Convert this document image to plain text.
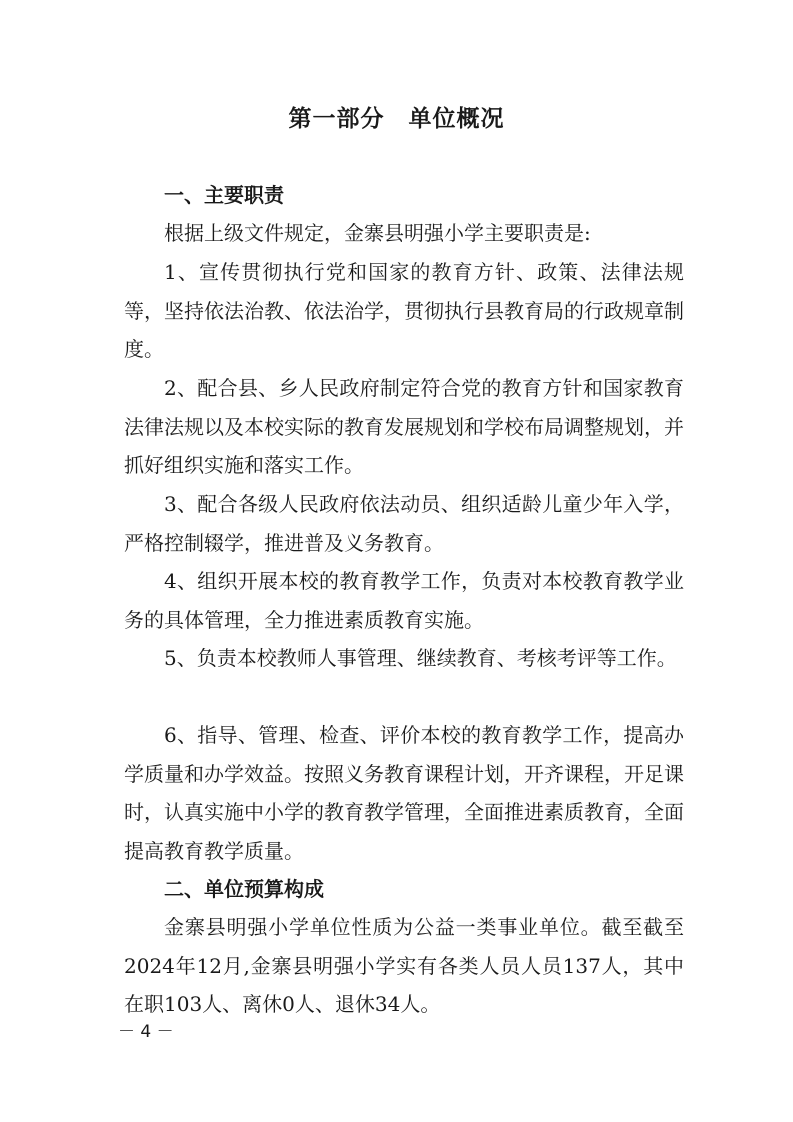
第一部分　单位概况
一、主要职责
根据上级文件规定，金寨县明强小学主要职责是:
1、宣传贯彻执行党和国家的教育方针、政策、法律法规等，坚持依法治教、依法治学，贯彻执行县教育局的行政规章制度。
2、配合县、乡人民政府制定符合党的教育方针和国家教育法律法规以及本校实际的教育发展规划和学校布局调整规划，并抓好组织实施和落实工作。
3、配合各级人民政府依法动员、组织适龄儿童少年入学，严格控制辍学，推进普及义务教育。
4、组织开展本校的教育教学工作，负责对本校教育教学业务的具体管理，全力推进素质教育实施。
5、负责本校教师人事管理、继续教育、考核考评等工作。
6、指导、管理、检查、评价本校的教育教学工作，提高办学质量和办学效益。按照义务教育课程计划，开齐课程，开足课时，认真实施中小学的教育教学管理，全面推进素质教育，全面提高教育教学质量。
二、单位预算构成
金寨县明强小学单位性质为公益一类事业单位。截至截至2024年12月,金寨县明强小学实有各类人员人员137人，其中在职103人、离休0人、退休34人。
－ 4 －
